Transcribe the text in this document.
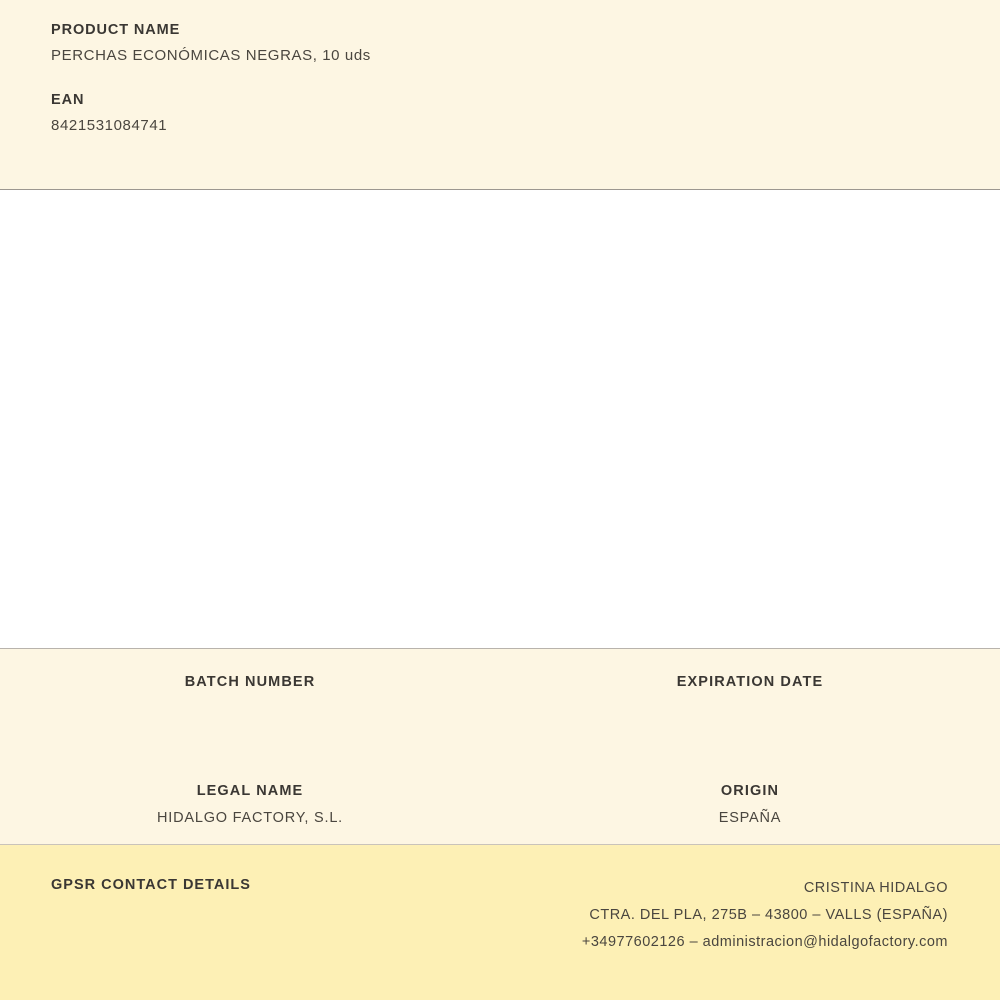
PRODUCT NAME
PERCHAS ECONÓMICAS NEGRAS, 10 uds
EAN
8421531084741
BATCH NUMBER	EXPIRATION DATE
LEGAL NAME
HIDALGO FACTORY, S.L.
ORIGIN
ESPAÑA
GPSR CONTACT DETAILS	CRISTINA HIDALGO
CTRA. DEL PLA, 275B – 43800 – VALLS (ESPAÑA)
+34977602126 – administracion@hidalgofactory.com
